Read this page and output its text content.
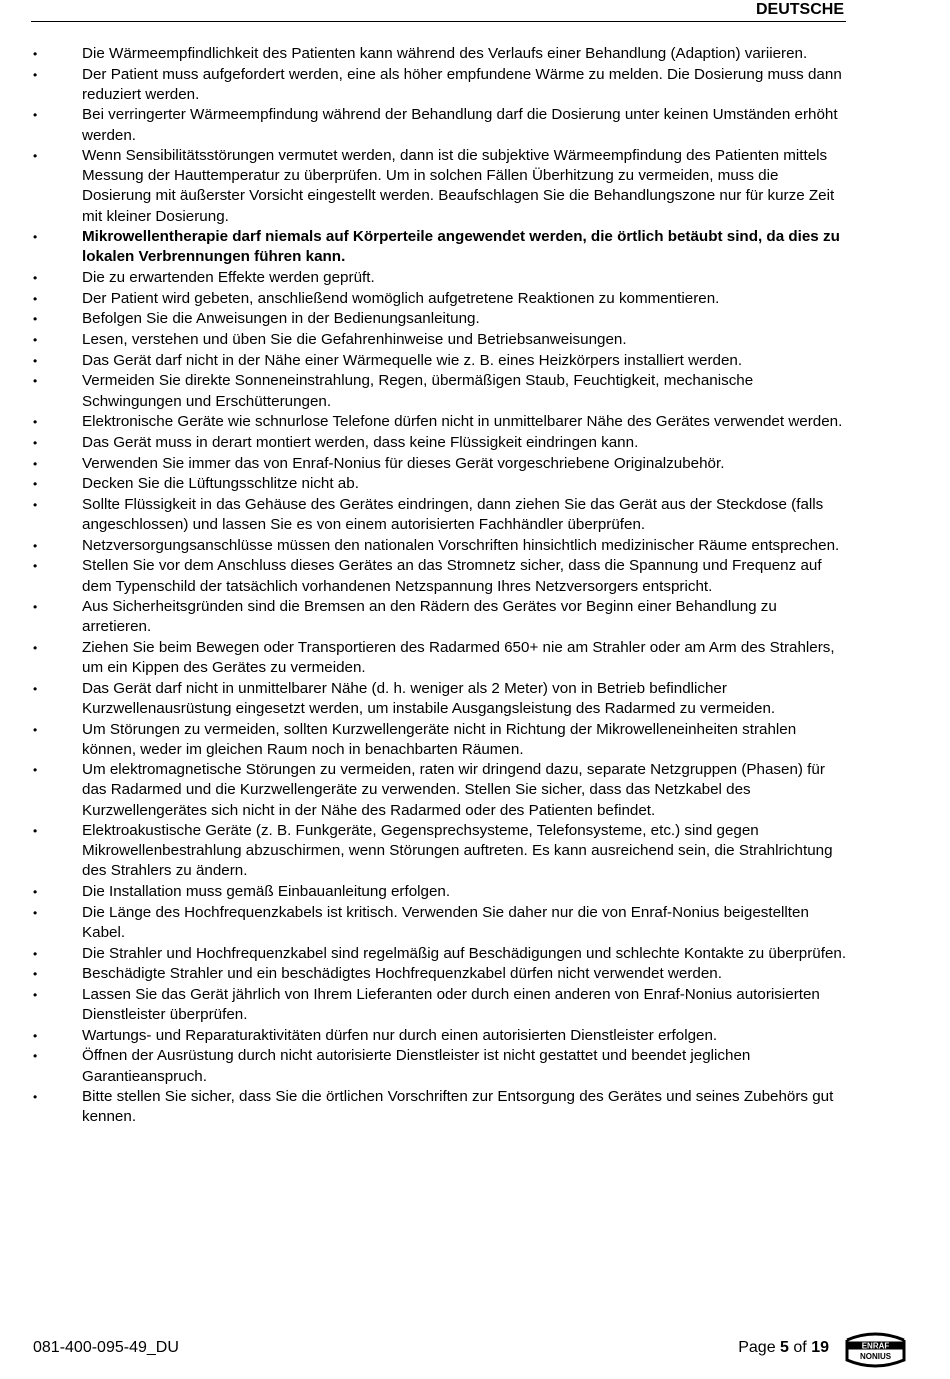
DEUTSCHE
•	Die Wärmeempfindlichkeit des Patienten kann während des Verlaufs einer Behandlung (Adaption) variieren.
•	Der Patient muss aufgefordert werden, eine als höher empfundene Wärme zu melden. Die Dosierung muss dann reduziert werden.
•	Bei verringerter Wärmeempfindung während der Behandlung darf die Dosierung unter keinen Umständen erhöht werden.
•	Wenn Sensibilitätsstörungen vermutet werden, dann ist die subjektive Wärmeempfindung des Patienten mittels Messung der Hauttemperatur zu überprüfen. Um in solchen Fällen Überhitzung zu vermeiden, muss die Dosierung mit äußerster Vorsicht eingestellt werden. Beaufschlagen Sie die Behandlungszone nur für kurze Zeit mit kleiner Dosierung.
•	Mikrowellentherapie darf niemals auf Körperteile angewendet werden, die örtlich betäubt sind, da dies zu lokalen Verbrennungen führen kann.
•	Die zu erwartenden Effekte werden geprüft.
•	Der Patient wird gebeten, anschließend womöglich aufgetretene Reaktionen zu kommentieren.
•	Befolgen Sie die Anweisungen in der Bedienungsanleitung.
•	Lesen, verstehen und üben Sie die Gefahrenhinweise und Betriebsanweisungen.
•	Das Gerät darf nicht in der Nähe einer Wärmequelle wie z. B. eines Heizkörpers installiert werden.
•	Vermeiden Sie direkte Sonneneinstrahlung, Regen, übermäßigen Staub, Feuchtigkeit, mechanische Schwingungen und Erschütterungen.
•	Elektronische Geräte wie schnurlose Telefone dürfen nicht in unmittelbarer Nähe des Gerätes verwendet werden.
•	Das Gerät muss in derart montiert werden, dass keine Flüssigkeit eindringen kann.
•	Verwenden Sie immer das von Enraf-Nonius für dieses Gerät vorgeschriebene Originalzubehör.
•	Decken Sie die Lüftungsschlitze nicht ab.
•	Sollte Flüssigkeit in das Gehäuse des Gerätes eindringen, dann ziehen Sie das Gerät aus der Steckdose (falls angeschlossen) und lassen Sie es von einem autorisierten Fachhändler überprüfen.
•	Netzversorgungsanschlüsse müssen den nationalen Vorschriften hinsichtlich medizinischer Räume entsprechen.
•	Stellen Sie vor dem Anschluss dieses Gerätes an das Stromnetz sicher, dass die Spannung und Frequenz auf dem Typenschild der tatsächlich vorhandenen Netzspannung Ihres Netzversorgers entspricht.
•	Aus Sicherheitsgründen sind die Bremsen an den Rädern des Gerätes vor Beginn einer Behandlung zu arretieren.
•	Ziehen Sie beim Bewegen oder Transportieren des Radarmed 650+ nie am Strahler oder am Arm des Strahlers, um ein Kippen des Gerätes zu vermeiden.
•	Das Gerät darf nicht in unmittelbarer Nähe (d. h. weniger als 2 Meter) von in Betrieb befindlicher Kurzwellenausrüstung eingesetzt werden, um instabile Ausgangsleistung des Radarmed zu vermeiden.
•	Um Störungen zu vermeiden, sollten Kurzwellengeräte nicht in Richtung der Mikrowelleneinheiten strahlen können, weder im gleichen Raum noch in benachbarten Räumen.
•	Um elektromagnetische Störungen zu vermeiden, raten wir dringend dazu, separate Netzgruppen (Phasen) für das Radarmed und die Kurzwellengeräte zu verwenden. Stellen Sie sicher, dass das Netzkabel des Kurzwellengerätes sich nicht in der Nähe des Radarmed oder des Patienten befindet.
•	Elektroakustische Geräte (z. B. Funkgeräte, Gegensprechsysteme, Telefonsysteme, etc.) sind gegen Mikrowellenbestrahlung abzuschirmen, wenn Störungen auftreten. Es kann ausreichend sein, die Strahlrichtung des Strahlers zu ändern.
•	Die Installation muss gemäß Einbauanleitung erfolgen.
•	Die Länge des Hochfrequenzkabels ist kritisch. Verwenden Sie daher nur die von Enraf-Nonius beigestellten Kabel.
•	Die Strahler und Hochfrequenzkabel sind regelmäßig auf Beschädigungen und schlechte Kontakte zu überprüfen.
•	Beschädigte Strahler und ein beschädigtes Hochfrequenzkabel dürfen nicht verwendet werden.
•	Lassen Sie das Gerät jährlich von Ihrem Lieferanten oder durch einen anderen von Enraf-Nonius autorisierten Dienstleister überprüfen.
•	Wartungs- und Reparaturaktivitäten dürfen nur durch einen autorisierten Dienstleister erfolgen.
•	Öffnen der Ausrüstung durch nicht autorisierte Dienstleister ist nicht gestattet und beendet jeglichen Garantieanspruch.
•	Bitte stellen Sie sicher, dass Sie die örtlichen Vorschriften zur Entsorgung des Gerätes und seines Zubehörs gut kennen.
081-400-095-49_DU	Page 5 of 19	ENRAF
NONIUS
